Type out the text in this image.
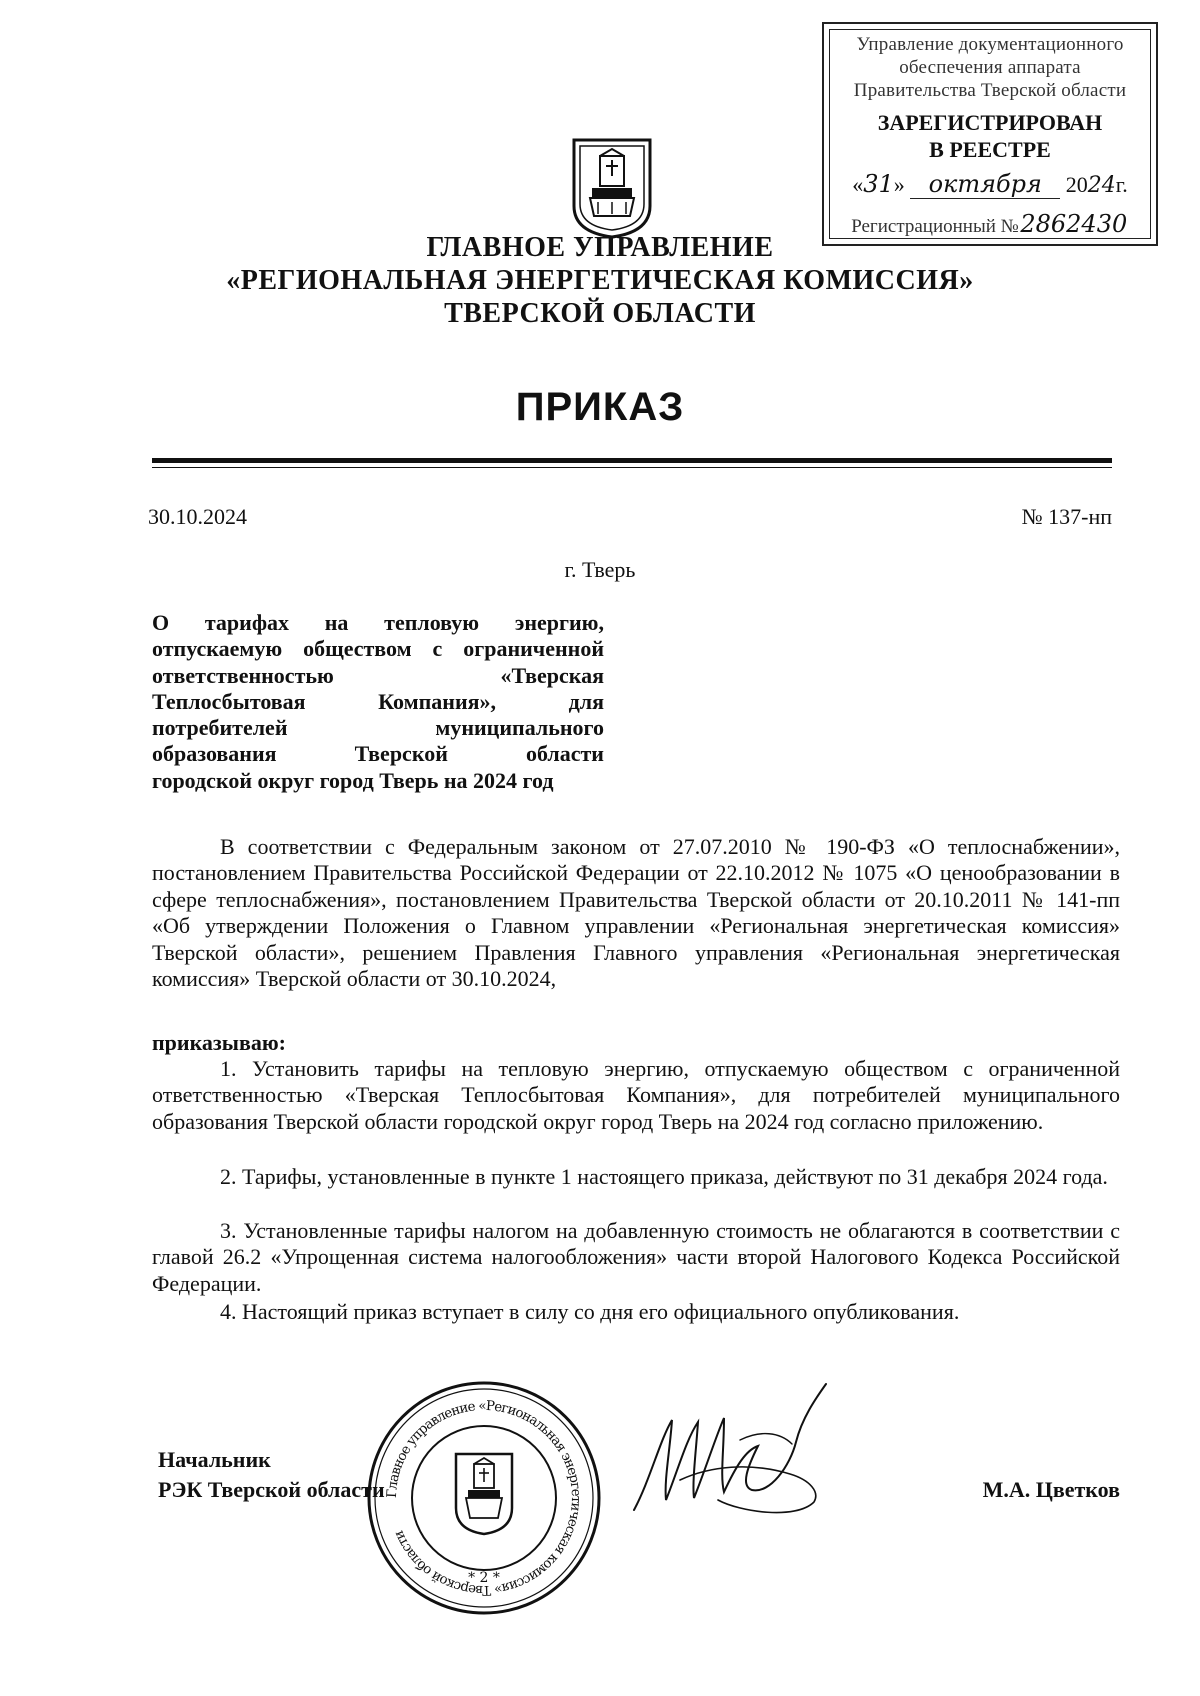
Управление документационного
обеспечения аппарата
Правительства Тверской области
ЗАРЕГИСТРИРОВАН
В РЕЕСТРЕ
«31» октября 2024г.
Регистрационный №2862430
ГЛАВНОЕ УПРАВЛЕНИЕ
«РЕГИОНАЛЬНАЯ ЭНЕРГЕТИЧЕСКАЯ КОМИССИЯ»
ТВЕРСКОЙ ОБЛАСТИ
ПРИКАЗ
30.10.2024	№ 137-нп
г. Тверь
О тарифах на тепловую энергию,
отпускаемую обществом с ограниченной
ответственностью «Тверская
Теплосбытовая Компания», для
потребителей муниципального
образования Тверской области
городской округ город Тверь на 2024 год
В соответствии с Федеральным законом от 27.07.2010 № 190-ФЗ «О теплоснабжении», постановлением Правительства Российской Федерации от 22.10.2012 № 1075 «О ценообразовании в сфере теплоснабжения», постановлением Правительства Тверской области от 20.10.2011 № 141-пп «Об утверждении Положения о Главном управлении «Региональная энергетическая комиссия» Тверской области», решением Правления Главного управления «Региональная энергетическая комиссия» Тверской области от 30.10.2024,
приказываю:
1. Установить тарифы на тепловую энергию, отпускаемую обществом с ограниченной ответственностью «Тверская Теплосбытовая Компания», для потребителей муниципального образования Тверской области городской округ город Тверь на 2024 год согласно приложению.
2. Тарифы, установленные в пункте 1 настоящего приказа, действуют по 31 декабря 2024 года.
3. Установленные тарифы налогом на добавленную стоимость не облагаются в соответствии с главой 26.2 «Упрощенная система налогообложения» части второй Налогового Кодекса Российской Федерации.
4. Настоящий приказ вступает в силу со дня его официального опубликования.
Начальник
РЭК Тверской области	М.А. Цветков
Главное управление «Региональная энергетическая комиссия» Тверской области
* 2 *
